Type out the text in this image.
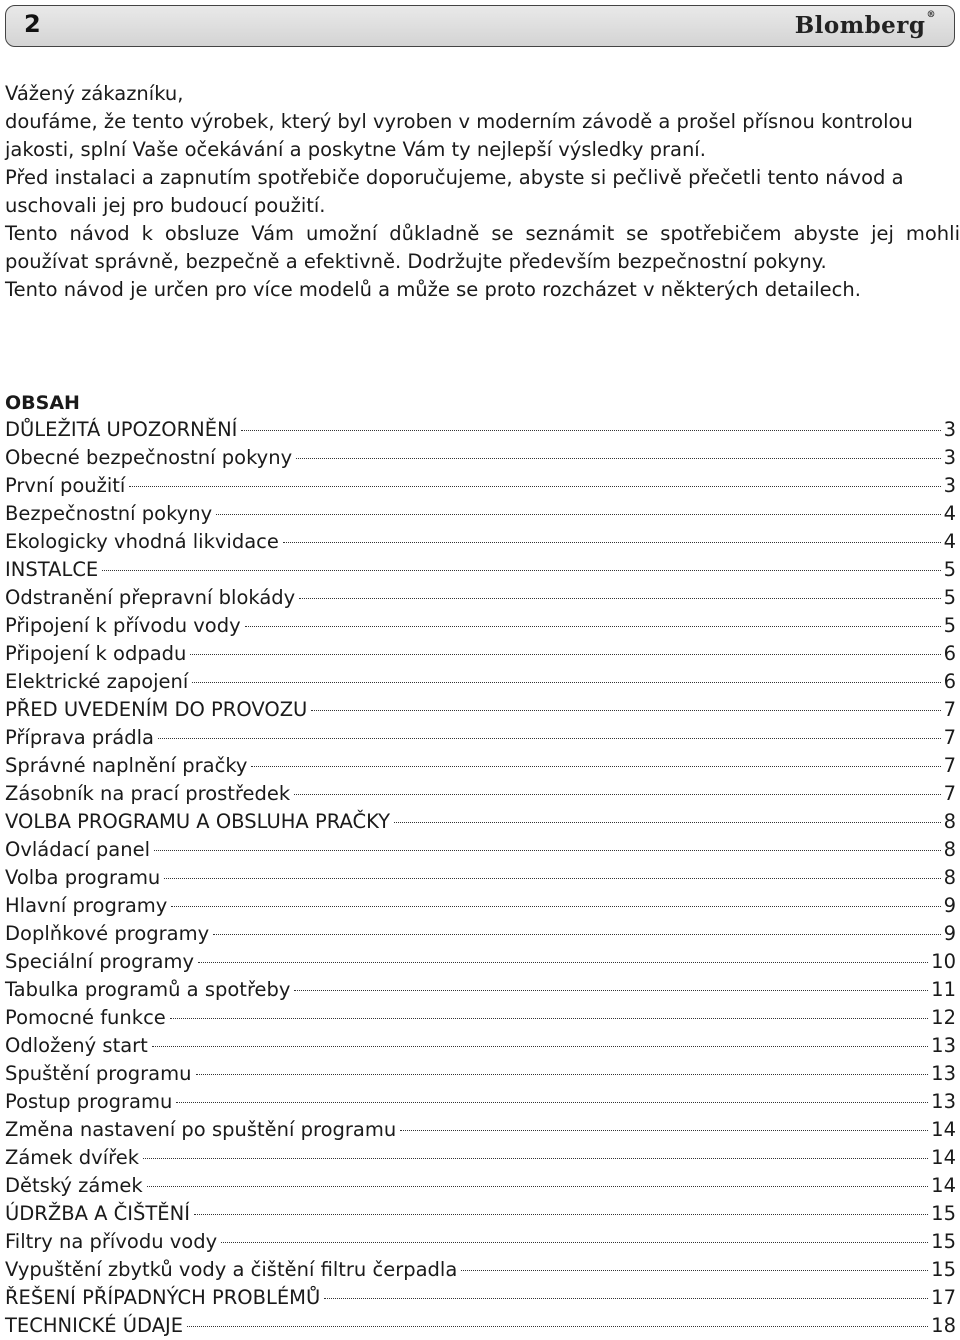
2	Blomberg®

Vážený zákazníku,

doufáme, že tento výrobek, který byl vyroben v moderním závodě a prošel přísnou kontrolou jakosti, splní Vaše očekávání a poskytne Vám ty nejlepší výsledky praní.

Před instalaci a zapnutím spotřebiče doporučujeme, abyste si pečlivě přečetli tento návod a uschovali jej pro budoucí použití.

Tento návod k obsluze Vám umožní důkladně se seznámit se spotřebičem abyste jej mohli používat správně, bezpečně a efektivně. Dodržujte především bezpečnostní pokyny.

Tento návod je určen pro více modelů a může se proto rozcházet v některých detailech.

OBSAH
DŮLEŽITÁ UPOZORNĚNÍ	3
Obecné bezpečnostní pokyny	3
První použití	3
Bezpečnostní pokyny	4
Ekologicky vhodná likvidace	4
INSTALCE	5
Odstranění přepravní blokády	5
Připojení k přívodu vody	5
Připojení k odpadu	6
Elektrické zapojení	6
PŘED UVEDENÍM DO PROVOZU	7
Příprava prádla	7
Správné naplnění pračky	7
Zásobník na prací prostředek	7
VOLBA PROGRAMU A OBSLUHA PRAČKY	8
Ovládací panel	8
Volba programu	8
Hlavní programy	9
Doplňkové programy	9
Speciální programy	10
Tabulka programů a spotřeby	11
Pomocné funkce	12
Odložený start	13
Spuštění programu	13
Postup programu	13
Změna nastavení po spuštění programu	14
Zámek dvířek	14
Dětský zámek	14
ÚDRŽBA A ČIŠTĚNÍ	15
Filtry na přívodu vody	15
Vypuštění zbytků vody a čištění filtru čerpadla	15
ŘEŠENÍ PŘÍPADNÝCH PROBLÉMŮ	17
TECHNICKÉ ÚDAJE	18
